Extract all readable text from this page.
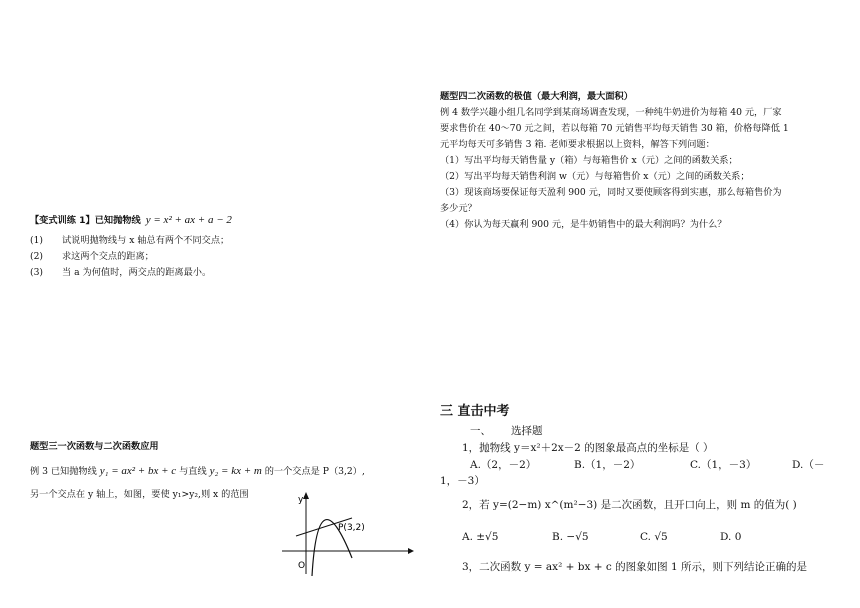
题型四二次函数的极值（最大利润，最大面积）
例 4 数学兴趣小组几名同学到某商场调查发现，一种纯牛奶进价为每箱 40 元，厂家
要求售价在 40～70 元之间，若以每箱 70 元销售平均每天销售 30 箱，价格每降低 1
元平均每天可多销售 3 箱. 老师要求根据以上资料，解答下列问题：
（1）写出平均每天销售量 y（箱）与每箱售价 x（元）之间的函数关系；
（2）写出平均每天销售利润 w（元）与每箱售价 x（元）之间的函数关系；
（3）现该商场要保证每天盈利 900 元，同时又要使顾客得到实惠，那么每箱售价为
多少元？
（4）你认为每天赢利 900 元，是牛奶销售中的最大利润吗？为什么？
【变式训练 1】已知抛物线 y = x² + ax + a − 2
(1) 试说明抛物线与 x 轴总有两个不同交点；
(2) 求这两个交点的距离；
(3) 当 a 为何值时，两交点的距离最小。
题型三一次函数与二次函数应用
例 3 已知抛物线 y₁ = ax² + bx + c 与直线 y₂ = kx + m 的一个交点是 P（3,2）,
另一个交点在 y 轴上，如图，要使 y₁>y₂,则 x 的范围	y
O
P(3,2)
三 直击中考
一、      选择题
1，抛物线 y＝x²＋2x－2 的图象最高点的坐标是（ ）
A.（2，－2）	B.（1，－2）	C.（1，－3）	D.（－
1，－3）
2，若 y=(2−m) x^(m²−3) 是二次函数，且开口向上，则 m 的值为( )
A. ±√5	B. −√5	C. √5	D. 0
3，二次函数 y = ax² + bx + c 的图象如图 1 所示，则下列结论正确的是
